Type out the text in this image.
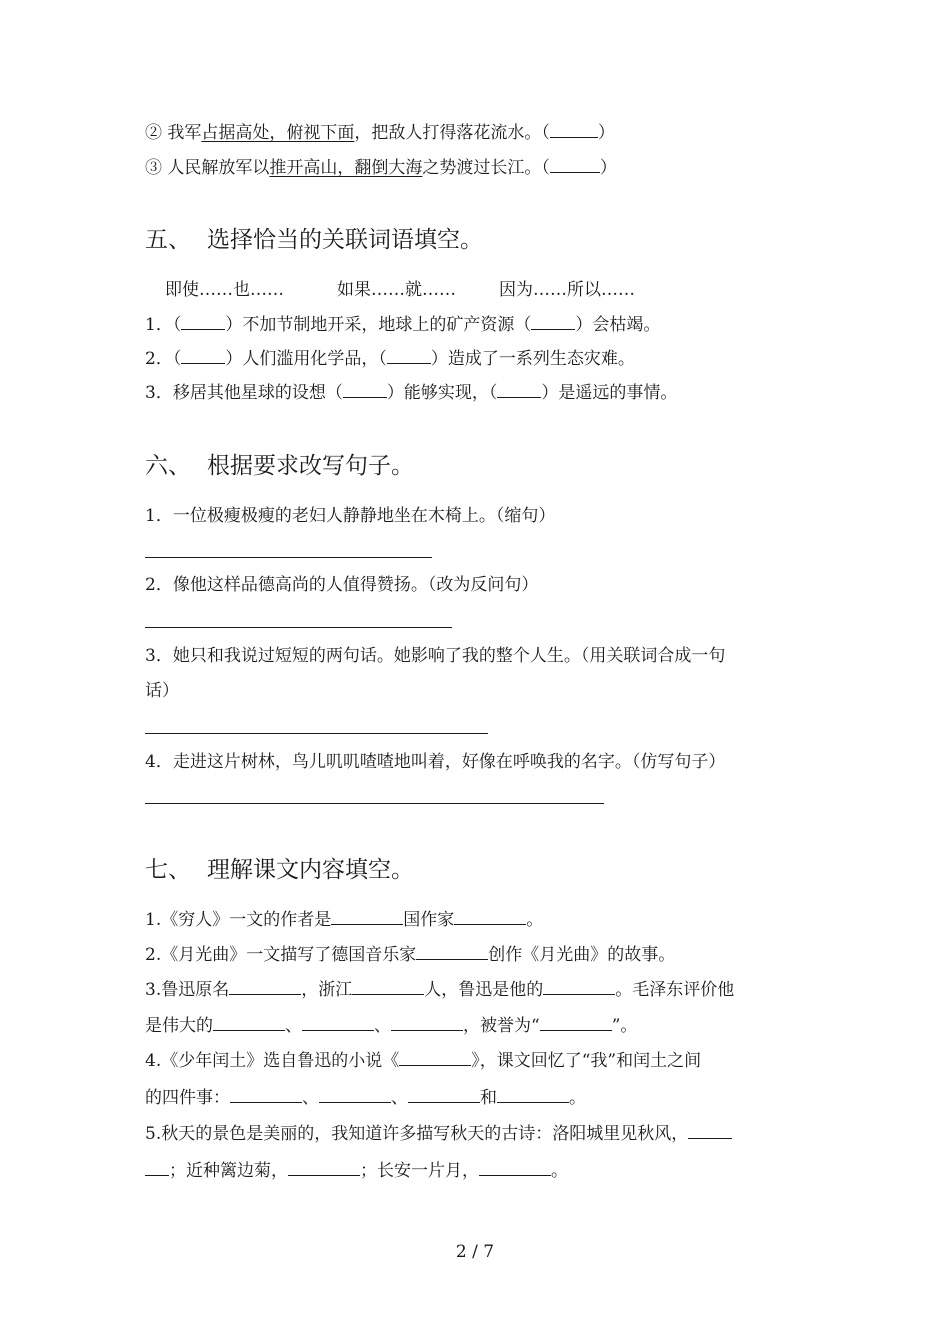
② 我军占据高处，俯视下面，把敌人打得落花流水。（	）
③ 人民解放军以推开高山，翻倒大海之势渡过长江。（	）
五、 选择恰当的关联词语填空。
即使……也……	如果……就……	因为……所以……
1．（	）不加节制地开采，地球上的矿产资源（	）会枯竭。
2．（	）人们滥用化学品，（	）造成了一系列生态灾难。
3．移居其他星球的设想（	）能够实现，（	）是遥远的事情。
六、 根据要求改写句子。
1．一位极瘦极瘦的老妇人静静地坐在木椅上。（缩句）
2．像他这样品德高尚的人值得赞扬。（改为反问句）
3．她只和我说过短短的两句话。她影响了我的整个人生。（用关联词合成一句
话）
4．走进这片树林，鸟儿叽叽喳喳地叫着，好像在呼唤我的名字。（仿写句子）
七、 理解课文内容填空。
1.《穷人》一文的作者是	国作家	。
2.《月光曲》一文描写了德国音乐家	创作《月光曲》的故事。
3.鲁迅原名	，浙江	人，鲁迅是他的	。毛泽东评价他
是伟大的	、	、	，被誉为“	”。
4.《少年闰土》选自鲁迅的小说《	》，课文回忆了“我”和闰土之间
的四件事：	、	、	和	。
5.秋天的景色是美丽的，我知道许多描写秋天的古诗：洛阳城里见秋风，
；近种篱边菊，	；长安一片月，	。
2 / 7
